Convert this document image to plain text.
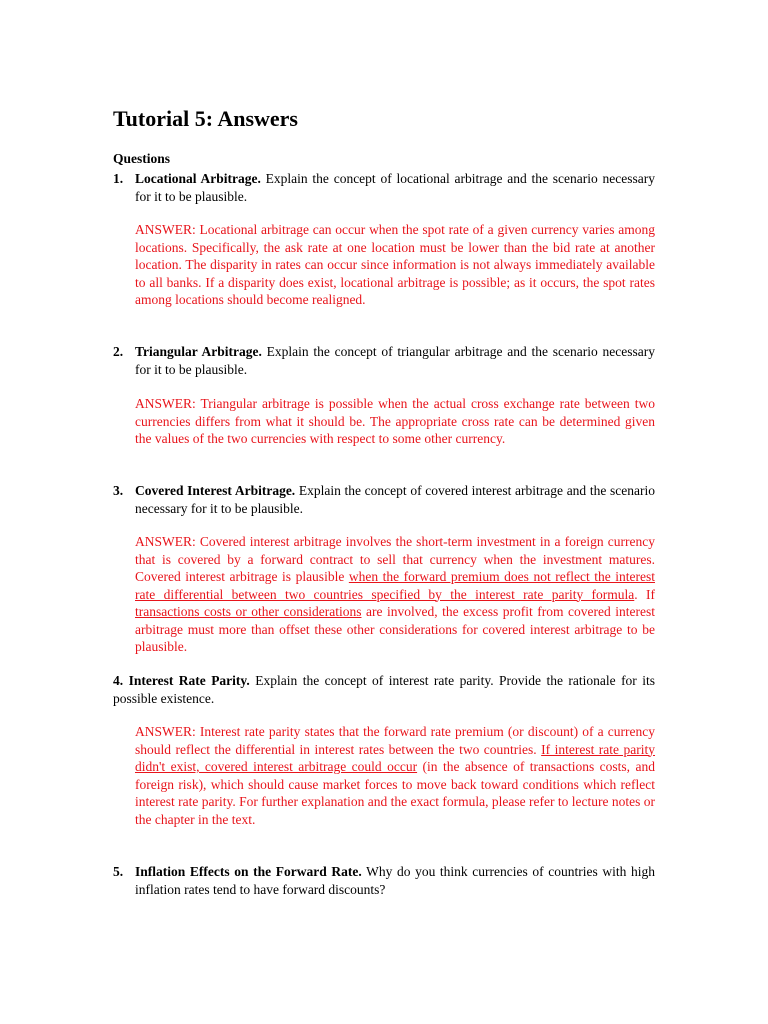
Tutorial 5: Answers
Questions
1. Locational Arbitrage. Explain the concept of locational arbitrage and the scenario necessary for it to be plausible.
ANSWER: Locational arbitrage can occur when the spot rate of a given currency varies among locations. Specifically, the ask rate at one location must be lower than the bid rate at another location. The disparity in rates can occur since information is not always immediately available to all banks. If a disparity does exist, locational arbitrage is possible; as it occurs, the spot rates among locations should become realigned.
2. Triangular Arbitrage. Explain the concept of triangular arbitrage and the scenario necessary for it to be plausible.
ANSWER: Triangular arbitrage is possible when the actual cross exchange rate between two currencies differs from what it should be. The appropriate cross rate can be determined given the values of the two currencies with respect to some other currency.
3. Covered Interest Arbitrage. Explain the concept of covered interest arbitrage and the scenario necessary for it to be plausible.
ANSWER: Covered interest arbitrage involves the short-term investment in a foreign currency that is covered by a forward contract to sell that currency when the investment matures. Covered interest arbitrage is plausible when the forward premium does not reflect the interest rate differential between two countries specified by the interest rate parity formula. If transactions costs or other considerations are involved, the excess profit from covered interest arbitrage must more than offset these other considerations for covered interest arbitrage to be plausible.
4. Interest Rate Parity. Explain the concept of interest rate parity. Provide the rationale for its possible existence.
ANSWER: Interest rate parity states that the forward rate premium (or discount) of a currency should reflect the differential in interest rates between the two countries. If interest rate parity didn't exist, covered interest arbitrage could occur (in the absence of transactions costs, and foreign risk), which should cause market forces to move back toward conditions which reflect interest rate parity. For further explanation and the exact formula, please refer to lecture notes or the chapter in the text.
5. Inflation Effects on the Forward Rate. Why do you think currencies of countries with high inflation rates tend to have forward discounts?
